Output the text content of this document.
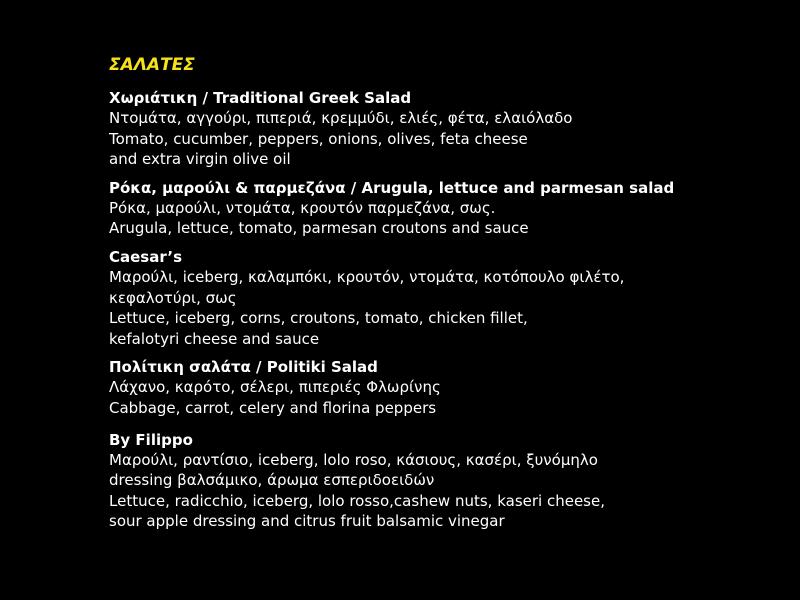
ΣΑΛΑΤΕΣ
Χωριάτικη / Traditional Greek Salad
Ντομάτα, αγγούρι, πιπεριά, κρεμμύδι, ελιές, φέτα, ελαιόλαδο
Tomato, cucumber, peppers, onions, olives, feta cheese
and extra virgin olive oil
Ρόκα, μαρούλι & παρμεζάνα / Arugula, lettuce and parmesan salad
Ρόκα, μαρούλι, ντομάτα, κρουτόν παρμεζάνα, σως.
Arugula, lettuce, tomato, parmesan croutons and sauce
Caesar’s
Μαρούλι, iceberg, καλαμπόκι, κρουτόν, ντομάτα, κοτόπουλο φιλέτο,
κεφαλοτύρι, σως
Lettuce, iceberg, corns, croutons, tomato, chicken fillet,
kefalotyri cheese and sauce
Πολίτικη σαλάτα / Politiki Salad
Λάχανο, καρότο, σέλερι, πιπεριές Φλωρίνης
Cabbage, carrot, celery and florina peppers
By Filippo
Μαρούλι, ραντίσιο, iceberg, lolo roso, κάσιους, κασέρι, ξυνόμηλο
dressing βαλσάμικο, άρωμα εσπεριδοειδών
Lettuce, radicchio, iceberg, lolo rosso,cashew nuts, kaseri cheese,
sour apple dressing and citrus fruit balsamic vinegar
